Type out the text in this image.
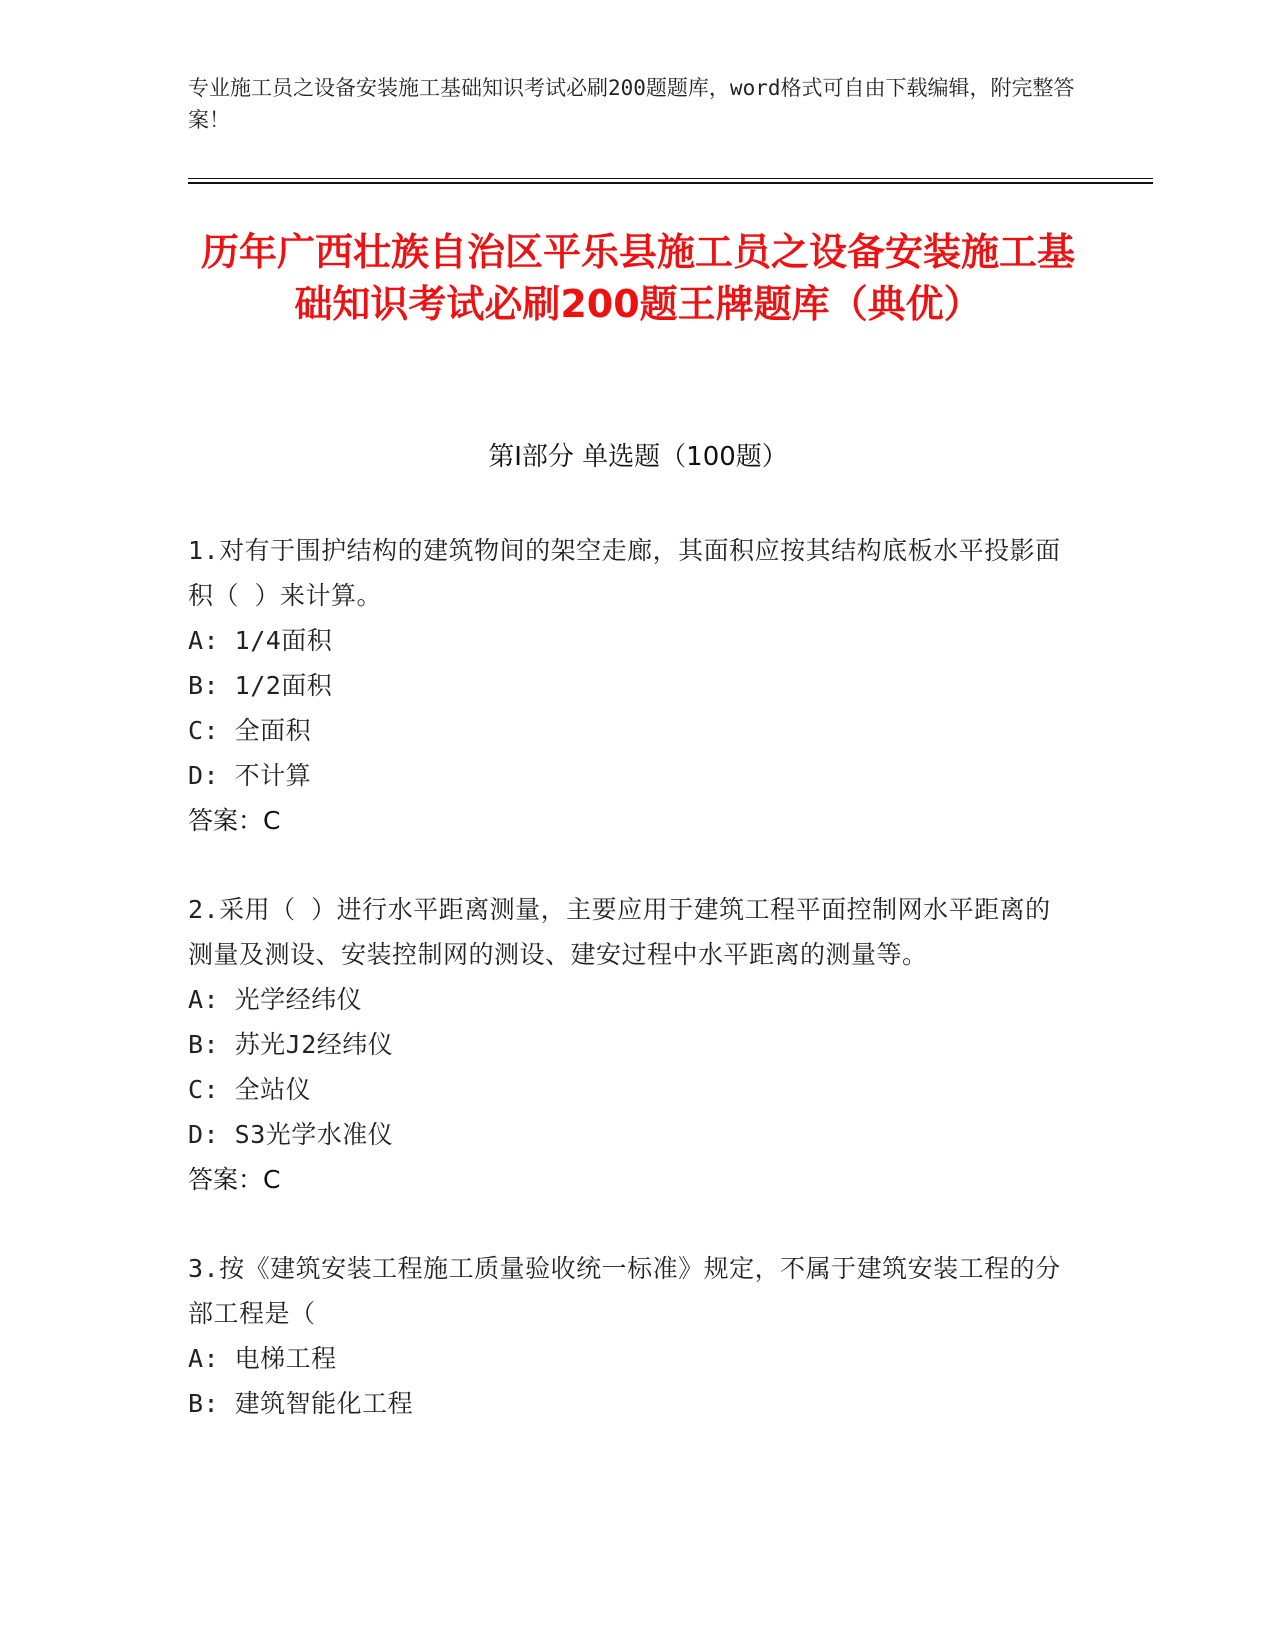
专业施工员之设备安装施工基础知识考试必刷200题题库，word格式可自由下载编辑，附完整答案！
历年广西壮族自治区平乐县施工员之设备安装施工基础知识考试必刷200题王牌题库（典优）
第I部分 单选题（100题）
1.对有于围护结构的建筑物间的架空走廊，其面积应按其结构底板水平投影面积（ ）来计算。
A: 1/4面积
B: 1/2面积
C: 全面积
D: 不计算
答案：C
2.采用（ ）进行水平距离测量，主要应用于建筑工程平面控制网水平距离的测量及测设、安装控制网的测设、建安过程中水平距离的测量等。
A: 光学经纬仪
B: 苏光J2经纬仪
C: 全站仪
D: S3光学水准仪
答案：C
3.按《建筑安装工程施工质量验收统一标准》规定，不属于建筑安装工程的分部工程是（
A: 电梯工程
B: 建筑智能化工程
